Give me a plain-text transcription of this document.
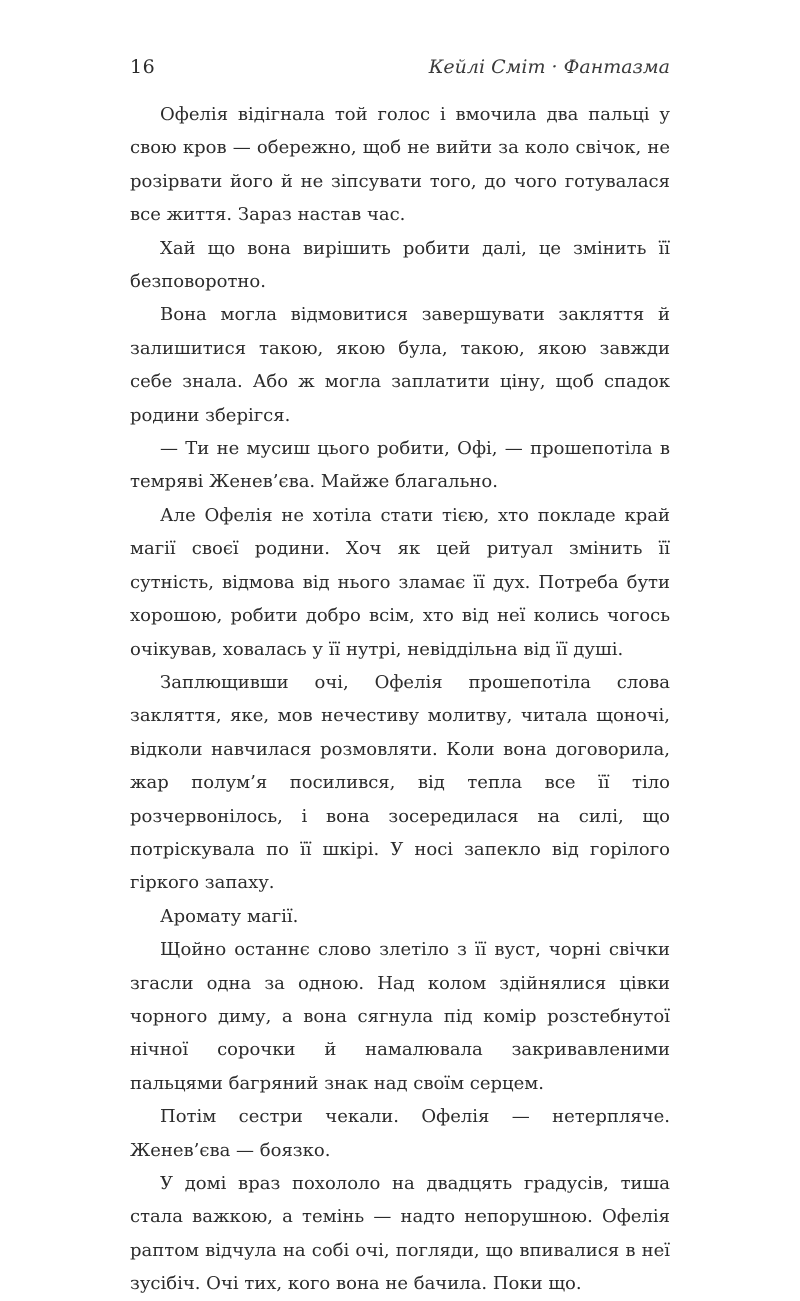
16	Кейлі Сміт · Фантазма

Офелія відігнала той голос і вмочила два пальці у свою кров — обережно, щоб не вийти за коло свічок, не розірвати його й не зіпсувати того, до чого готувалася все життя. Зараз настав час.

Хай що вона вирішить робити далі, це змінить її безповоротно.

Вона могла відмовитися завершувати закляття й залишитися такою, якою була, такою, якою завжди себе знала. Або ж могла заплатити ціну, щоб спадок родини зберігся.

— Ти не мусиш цього робити, Офі, — прошепотіла в темряві Женев’єва. Майже благально.

Але Офелія не хотіла стати тією, хто покладе край магії своєї родини. Хоч як цей ритуал змінить її сутність, відмова від нього зламає її дух. Потреба бути хорошою, робити добро всім, хто від неї колись чогось очікував, ховалась у її нутрі, невіддільна від її душі.

Заплющивши очі, Офелія прошепотіла слова закляття, яке, мов нечестиву молитву, читала щоночі, відколи навчилася розмовляти. Коли вона договорила, жар полум’я посилився, від тепла все її тіло розчервонілось, і вона зосередилася на силі, що потріскувала по її шкірі. У носі запекло від горілого гіркого запаху.

Аромату магії.

Щойно останнє слово злетіло з її вуст, чорні свічки згасли одна за одною. Над колом здійнялися цівки чорного диму, а вона сягнула під комір розстебнутої нічної сорочки й намалювала закривавленими пальцями багряний знак над своїм серцем.

Потім сестри чекали. Офелія — нетерпляче. Женев’єва — боязко.

У домі враз похололо на двадцять градусів, тиша стала важкою, а темінь — надто непорушною. Офелія раптом відчула на собі очі, погляди, що впивалися в неї зусібіч. Очі тих, кого вона не бачила. Поки що.
